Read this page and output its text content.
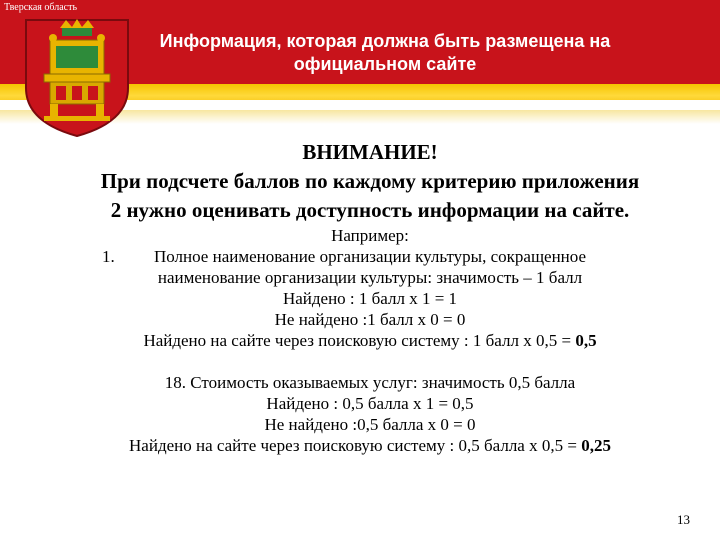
Тверская область
Информация, которая должна быть размещена на
официальном сайте

ВНИМАНИЕ!

При подсчете баллов по каждому критерию приложения

2 нужно оценивать доступность информации на сайте.

Например:

1.	Полное наименование организации культуры, сокращенное

наименование организации культуры: значимость – 1 балл

Найдено : 1 балл х 1 = 1

Не найдено :1 балл х 0 = 0

Найдено на сайте через поисковую систему : 1 балл х 0,5 = 0,5

18. Стоимость оказываемых услуг: значимость 0,5 балла

Найдено : 0,5 балла х 1 = 0,5

Не найдено :0,5 балла х 0 = 0

Найдено на сайте через поисковую систему : 0,5 балла х 0,5 = 0,25

13
